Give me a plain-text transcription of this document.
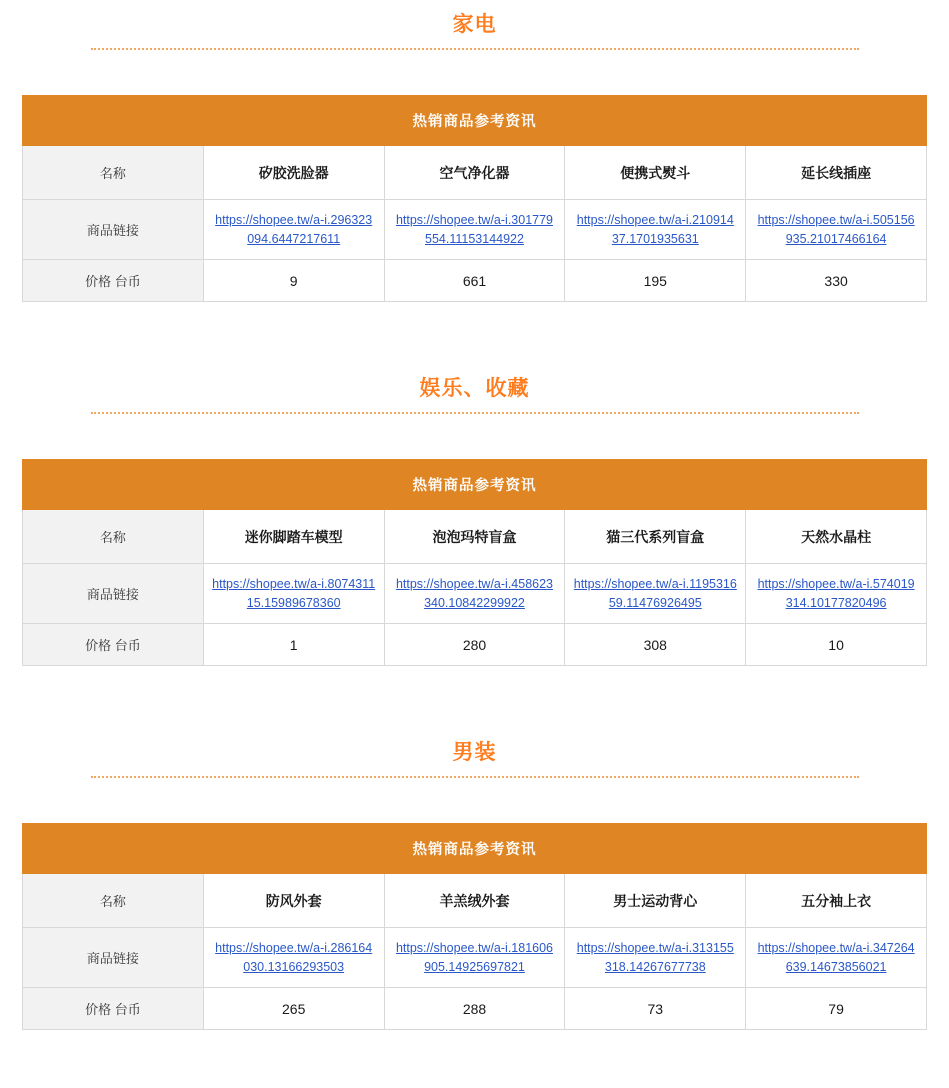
家电
热销商品参考资讯				
名称	矽胶洗脸器	空气净化器	便携式熨斗	延长线插座
商品链接	https://shopee.tw/a-i.296323094.6447217611	https://shopee.tw/a-i.301779554.11153144922	https://shopee.tw/a-i.21091437.1701935631	https://shopee.tw/a-i.505156935.21017466164
价格 台币	9	661	195	330
娱乐、收藏
热销商品参考资讯				
名称	迷你脚踏车模型	泡泡玛特盲盒	猫三代系列盲盒	天然水晶柱
商品链接	https://shopee.tw/a-i.807431115.15989678360	https://shopee.tw/a-i.458623340.10842299922	https://shopee.tw/a-i.119531659.11476926495	https://shopee.tw/a-i.574019314.10177820496
价格 台币	1	280	308	10
男装
热销商品参考资讯				
名称	防风外套	羊羔绒外套	男士运动背心	五分袖上衣
商品链接	https://shopee.tw/a-i.286164030.13166293503	https://shopee.tw/a-i.181606905.14925697821	https://shopee.tw/a-i.313155318.14267677738	https://shopee.tw/a-i.347264639.14673856021
价格 台币	265	288	73	79
